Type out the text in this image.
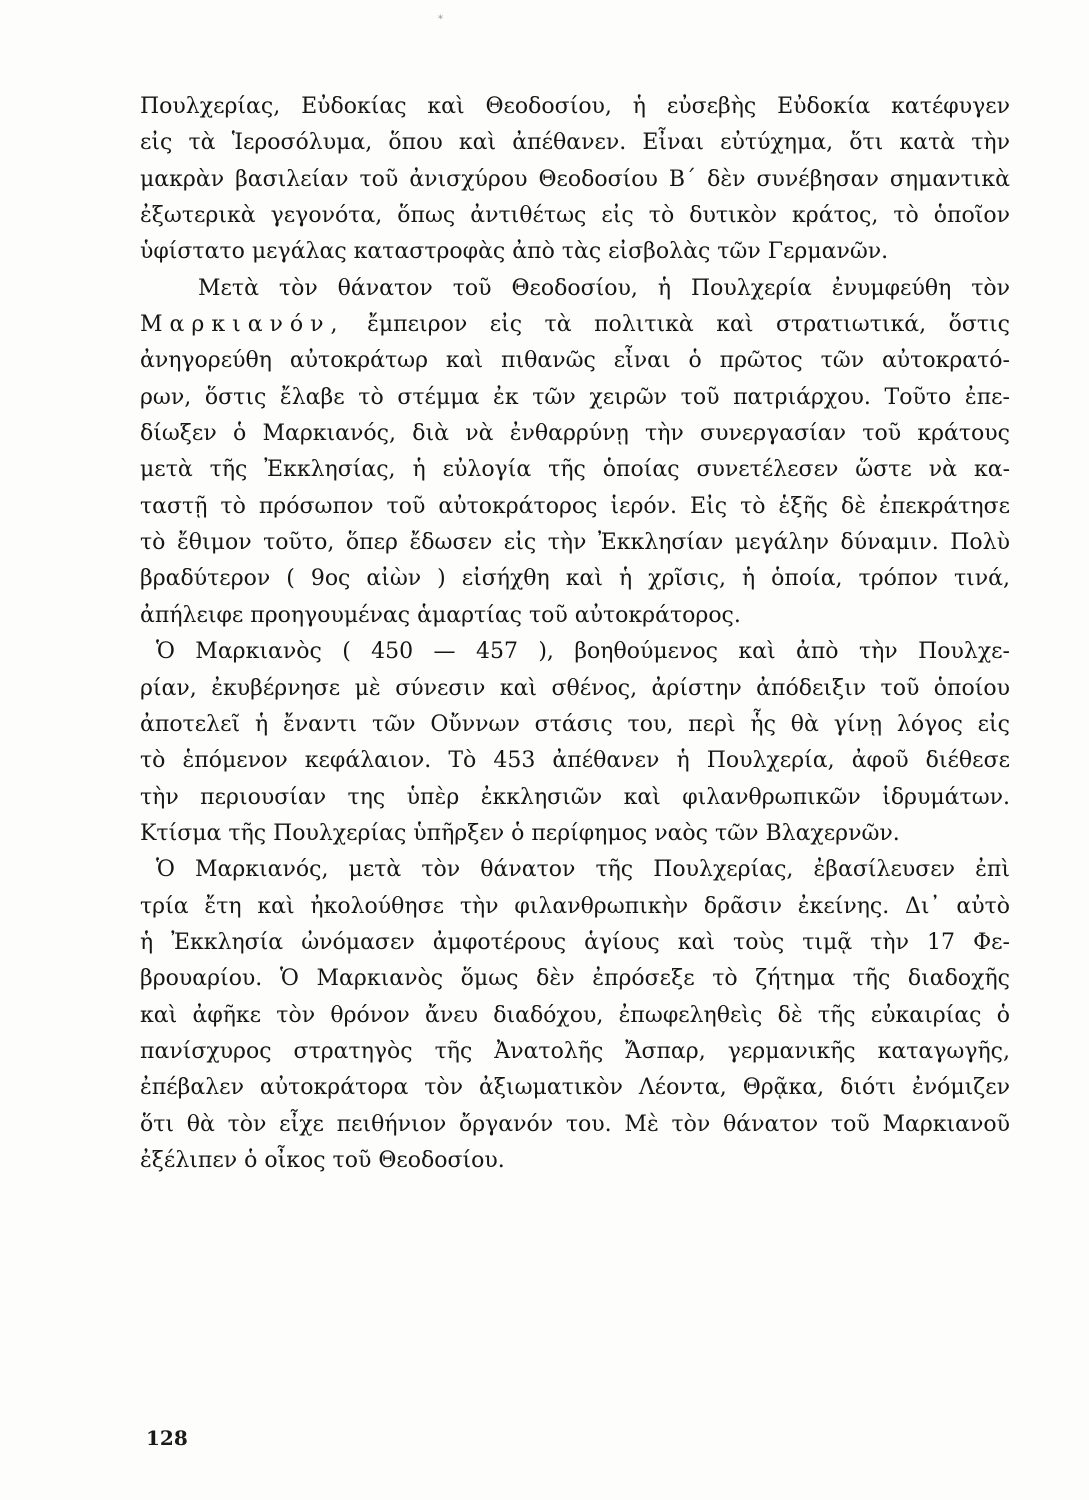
*
Πουλχερίας, Εὐδοκίας καὶ Θεοδοσίου, ἡ εὐσεβὴς Εὐδοκία κατέφυγεν
εἰς τὰ Ἱεροσόλυμα, ὅπου καὶ ἀπέθανεν. Εἶναι εὐτύχημα, ὅτι κατὰ τὴν
μακρὰν βασιλείαν τοῦ ἀνισχύρου Θεοδοσίου Β΄ δὲν συνέβησαν σημαντικὰ
ἐξωτερικὰ γεγονότα, ὅπως ἀντιθέτως εἰς τὸ δυτικὸν κράτος, τὸ ὁποῖον
ὑφίστατο μεγάλας καταστροφὰς ἀπὸ τὰς εἰσβολὰς τῶν Γερμανῶν.
Μετὰ τὸν θάνατον τοῦ Θεοδοσίου, ἡ Πουλχερία ἐνυμφεύθη τὸν
Μαρκιανόν, ἔμπειρον εἰς τὰ πολιτικὰ καὶ στρατιωτικά, ὅστις
ἀνηγορεύθη αὐτοκράτωρ καὶ πιθανῶς εἶναι ὁ πρῶτος τῶν αὐτοκρατό-
ρων, ὅστις ἔλαβε τὸ στέμμα ἐκ τῶν χειρῶν τοῦ πατριάρχου. Τοῦτο ἐπε-
δίωξεν ὁ Μαρκιανός, διὰ νὰ ἐνθαρρύνῃ τὴν συνεργασίαν τοῦ κράτους
μετὰ τῆς Ἐκκλησίας, ἡ εὐλογία τῆς ὁποίας συνετέλεσεν ὥστε νὰ κα-
ταστῇ τὸ πρόσωπον τοῦ αὐτοκράτορος ἱερόν. Εἰς τὸ ἑξῆς δὲ ἐπεκράτησε
τὸ ἔθιμον τοῦτο, ὅπερ ἔδωσεν εἰς τὴν Ἐκκλησίαν μεγάλην δύναμιν. Πολὺ
βραδύτερον ( 9ος αἰὼν ) εἰσήχθη καὶ ἡ χρῖσις, ἡ ὁποία, τρόπον τινά,
ἀπήλειφε προηγουμένας ἁμαρτίας τοῦ αὐτοκράτορος.
Ὁ Μαρκιανὸς ( 450 — 457 ), βοηθούμενος καὶ ἀπὸ τὴν Πουλχε-
ρίαν, ἐκυβέρνησε μὲ σύνεσιν καὶ σθένος, ἀρίστην ἀπόδειξιν τοῦ ὁποίου
ἀποτελεῖ ἡ ἔναντι τῶν Οὔννων στάσις του, περὶ ἧς θὰ γίνῃ λόγος εἰς
τὸ ἑπόμενον κεφάλαιον. Τὸ 453 ἀπέθανεν ἡ Πουλχερία, ἀφοῦ διέθεσε
τὴν περιουσίαν της ὑπὲρ ἐκκλησιῶν καὶ φιλανθρωπικῶν ἱδρυμάτων.
Κτίσμα τῆς Πουλχερίας ὑπῆρξεν ὁ περίφημος ναὸς τῶν Βλαχερνῶν.
Ὁ Μαρκιανός, μετὰ τὸν θάνατον τῆς Πουλχερίας, ἐβασίλευσεν ἐπὶ
τρία ἔτη καὶ ἠκολούθησε τὴν φιλανθρωπικὴν δρᾶσιν ἐκείνης. Δι᾽ αὐτὸ
ἡ Ἐκκλησία ὠνόμασεν ἀμφοτέρους ἁγίους καὶ τοὺς τιμᾷ τὴν 17 Φε-
βρουαρίου. Ὁ Μαρκιανὸς ὅμως δὲν ἐπρόσεξε τὸ ζήτημα τῆς διαδοχῆς
καὶ ἀφῆκε τὸν θρόνον ἄνευ διαδόχου, ἐπωφεληθεὶς δὲ τῆς εὐκαιρίας ὁ
πανίσχυρος στρατηγὸς τῆς Ἀνατολῆς Ἄσπαρ, γερμανικῆς καταγωγῆς,
ἐπέβαλεν αὐτοκράτορα τὸν ἀξιωματικὸν Λέοντα, Θρᾷκα, διότι ἐνόμιζεν
ὅτι θὰ τὸν εἶχε πειθήνιον ὄργανόν του. Μὲ τὸν θάνατον τοῦ Μαρκιανοῦ
ἐξέλιπεν ὁ οἶκος τοῦ Θεοδοσίου.
128
